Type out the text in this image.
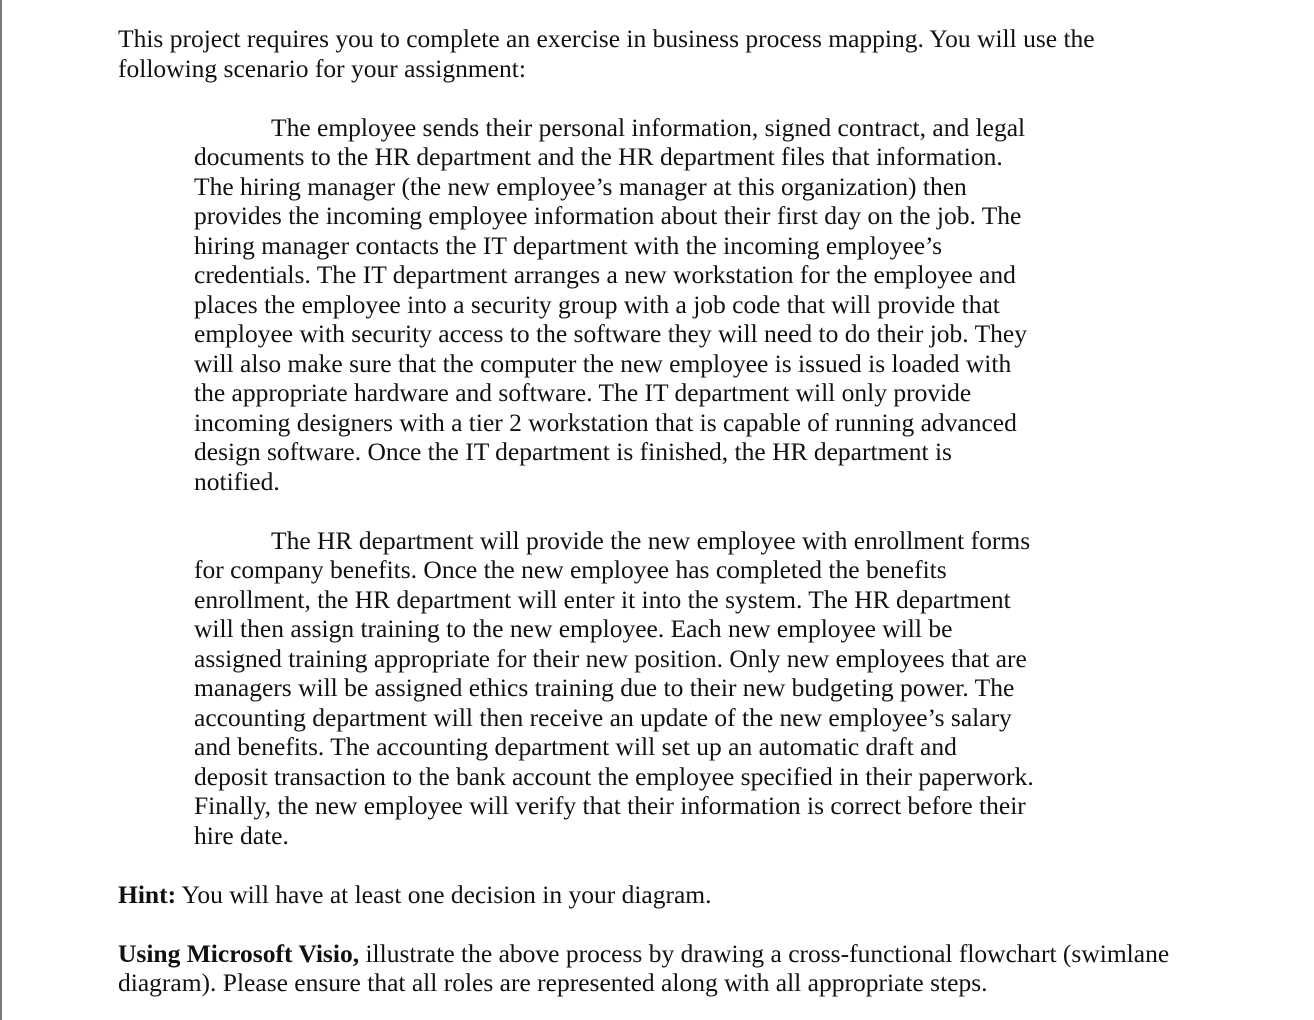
This project requires you to complete an exercise in business process mapping. You will use the
following scenario for your assignment:

The employee sends their personal information, signed contract, and legal
documents to the HR department and the HR department files that information.
The hiring manager (the new employee’s manager at this organization) then
provides the incoming employee information about their first day on the job. The
hiring manager contacts the IT department with the incoming employee’s
credentials. The IT department arranges a new workstation for the employee and
places the employee into a security group with a job code that will provide that
employee with security access to the software they will need to do their job. They
will also make sure that the computer the new employee is issued is loaded with
the appropriate hardware and software. The IT department will only provide
incoming designers with a tier 2 workstation that is capable of running advanced
design software. Once the IT department is finished, the HR department is
notified.

The HR department will provide the new employee with enrollment forms
for company benefits. Once the new employee has completed the benefits
enrollment, the HR department will enter it into the system. The HR department
will then assign training to the new employee. Each new employee will be
assigned training appropriate for their new position. Only new employees that are
managers will be assigned ethics training due to their new budgeting power. The
accounting department will then receive an update of the new employee’s salary
and benefits. The accounting department will set up an automatic draft and
deposit transaction to the bank account the employee specified in their paperwork.
Finally, the new employee will verify that their information is correct before their
hire date.

Hint: You will have at least one decision in your diagram.

Using Microsoft Visio, illustrate the above process by drawing a cross-functional flowchart (swimlane
diagram). Please ensure that all roles are represented along with all appropriate steps.
